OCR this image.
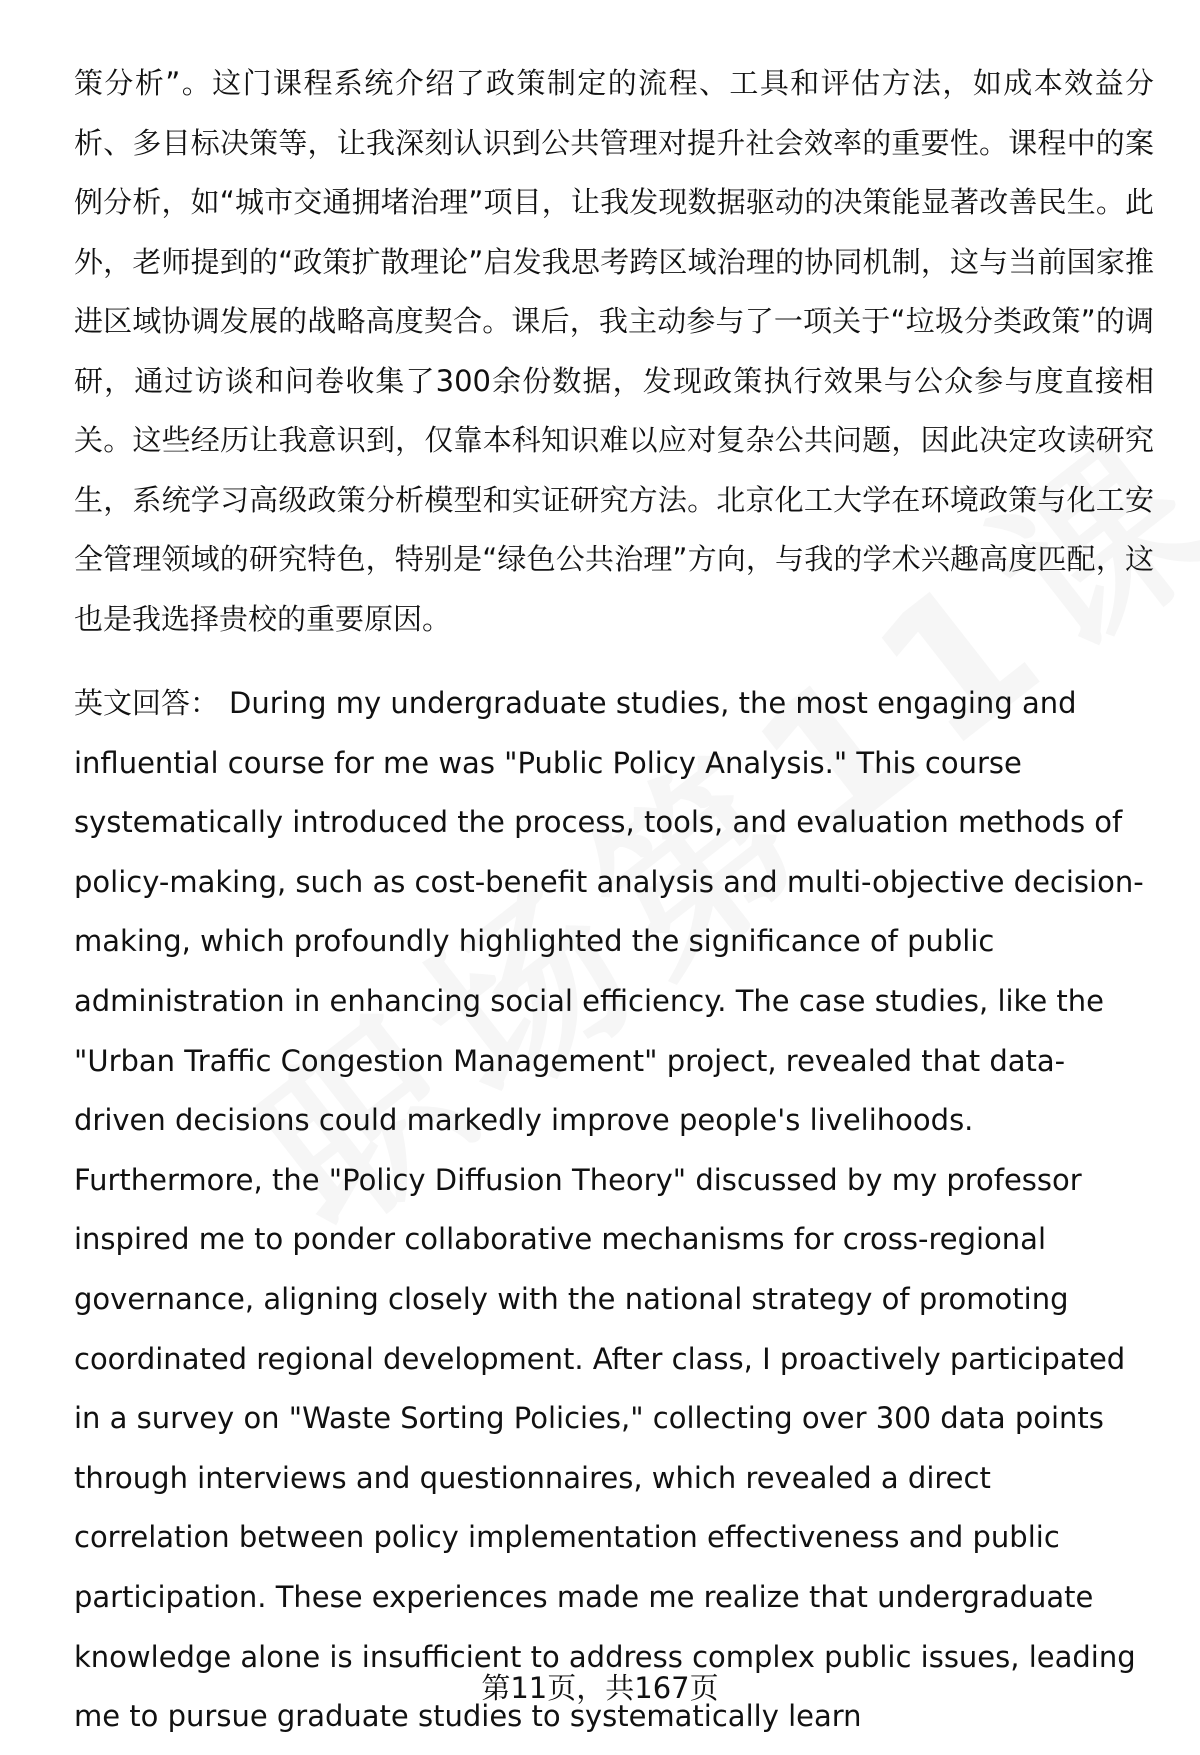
策分析”。这门课程系统介绍了政策制定的流程、工具和评估方法，如成本效益分析、多目标决策等，让我深刻认识到公共管理对提升社会效率的重要性。课程中的案例分析，如“城市交通拥堵治理”项目，让我发现数据驱动的决策能显著改善民生。此外，老师提到的“政策扩散理论”启发我思考跨区域治理的协同机制，这与当前国家推进区域协调发展的战略高度契合。课后，我主动参与了一项关于“垃圾分类政策”的调研，通过访谈和问卷收集了300余份数据，发现政策执行效果与公众参与度直接相关。这些经历让我意识到，仅靠本科知识难以应对复杂公共问题，因此决定攻读研究生，系统学习高级政策分析模型和实证研究方法。北京化工大学在环境政策与化工安全管理领域的研究特色，特别是“绿色公共治理”方向，与我的学术兴趣高度匹配，这也是我选择贵校的重要原因。

英文回答： During my undergraduate studies, the most engaging and influential course for me was "Public Policy Analysis." This course systematically introduced the process, tools, and evaluation methods of policy-making, such as cost-benefit analysis and multi-objective decision-making, which profoundly highlighted the significance of public administration in enhancing social efficiency. The case studies, like the "Urban Traffic Congestion Management" project, revealed that data-driven decisions could markedly improve people's livelihoods. Furthermore, the "Policy Diffusion Theory" discussed by my professor inspired me to ponder collaborative mechanisms for cross-regional governance, aligning closely with the national strategy of promoting coordinated regional development. After class, I proactively participated in a survey on "Waste Sorting Policies," collecting over 300 data points through interviews and questionnaires, which revealed a direct correlation between policy implementation effectiveness and public participation. These experiences made me realize that undergraduate knowledge alone is insufficient to address complex public issues, leading me to pursue graduate studies to systematically learn

第11页，共167页
